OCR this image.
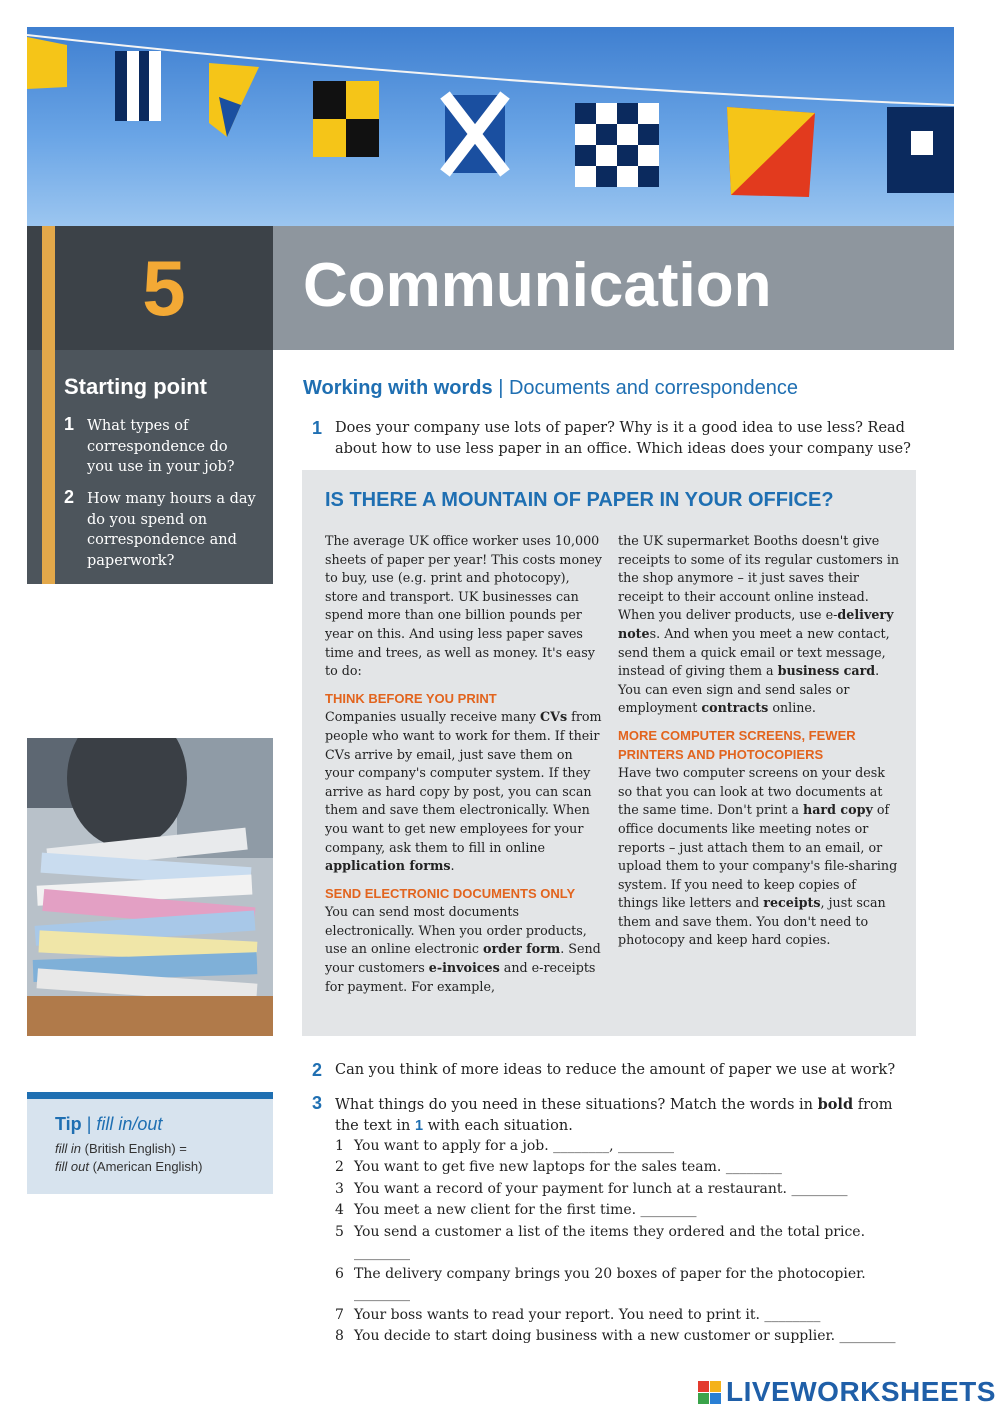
5	Communication
Starting point
1 What types of correspondence do you use in your job?
2 How many hours a day do you spend on correspondence and paperwork?
Tip | fill in/out
fill in (British English) =
fill out (American English)
Working with words | Documents and correspondence
1 Does your company use lots of paper? Why is it a good idea to use less? Read about how to use less paper in an office. Which ideas does your company use?
IS THERE A MOUNTAIN OF PAPER IN YOUR OFFICE?

The average UK office worker uses 10,000 sheets of paper per year! This costs money to buy, use (e.g. print and photocopy), store and transport. UK businesses can spend more than one billion pounds per year on this. And using less paper saves time and trees, as well as money. It's easy to do:

THINK BEFORE YOU PRINT

Companies usually receive many CVs from people who want to work for them. If their CVs arrive by email, just save them on your company's computer system. If they arrive as hard copy by post, you can scan them and save them electronically. When you want to get new employees for your company, ask them to fill in online application forms.

SEND ELECTRONIC DOCUMENTS ONLY

You can send most documents electronically. When you order products, use an online electronic order form. Send your customers e-invoices and e-receipts for payment. For example,

the UK supermarket Booths doesn't give receipts to some of its regular customers in the shop anymore – it just saves their receipt to their account online instead. When you deliver products, use e-delivery notes. And when you meet a new contact, send them a quick email or text message, instead of giving them a business card. You can even sign and send sales or employment contracts online.

MORE COMPUTER SCREENS, FEWER PRINTERS AND PHOTOCOPIERS

Have two computer screens on your desk so that you can look at two documents at the same time. Don't print a hard copy of office documents like meeting notes or reports – just attach them to an email, or upload them to your company's file-sharing system. If you need to keep copies of things like letters and receipts, just scan them and save them. You don't need to photocopy and keep hard copies.

2 Can you think of more ideas to reduce the amount of paper we use at work?
3 What things do you need in these situations? Match the words in bold from the text in 1 with each situation.
1 You want to apply for a job. ________, ________
2 You want to get five new laptops for the sales team. ________
3 You want a record of your payment for lunch at a restaurant. ________
4 You meet a new client for the first time. ________
5 You send a customer a list of the items they ordered and the total price.
________
6 The delivery company brings you 20 boxes of paper for the photocopier.
________
7 Your boss wants to read your report. You need to print it. ________
8 You decide to start doing business with a new customer or supplier. ________
LIVEWORKSHEETS
